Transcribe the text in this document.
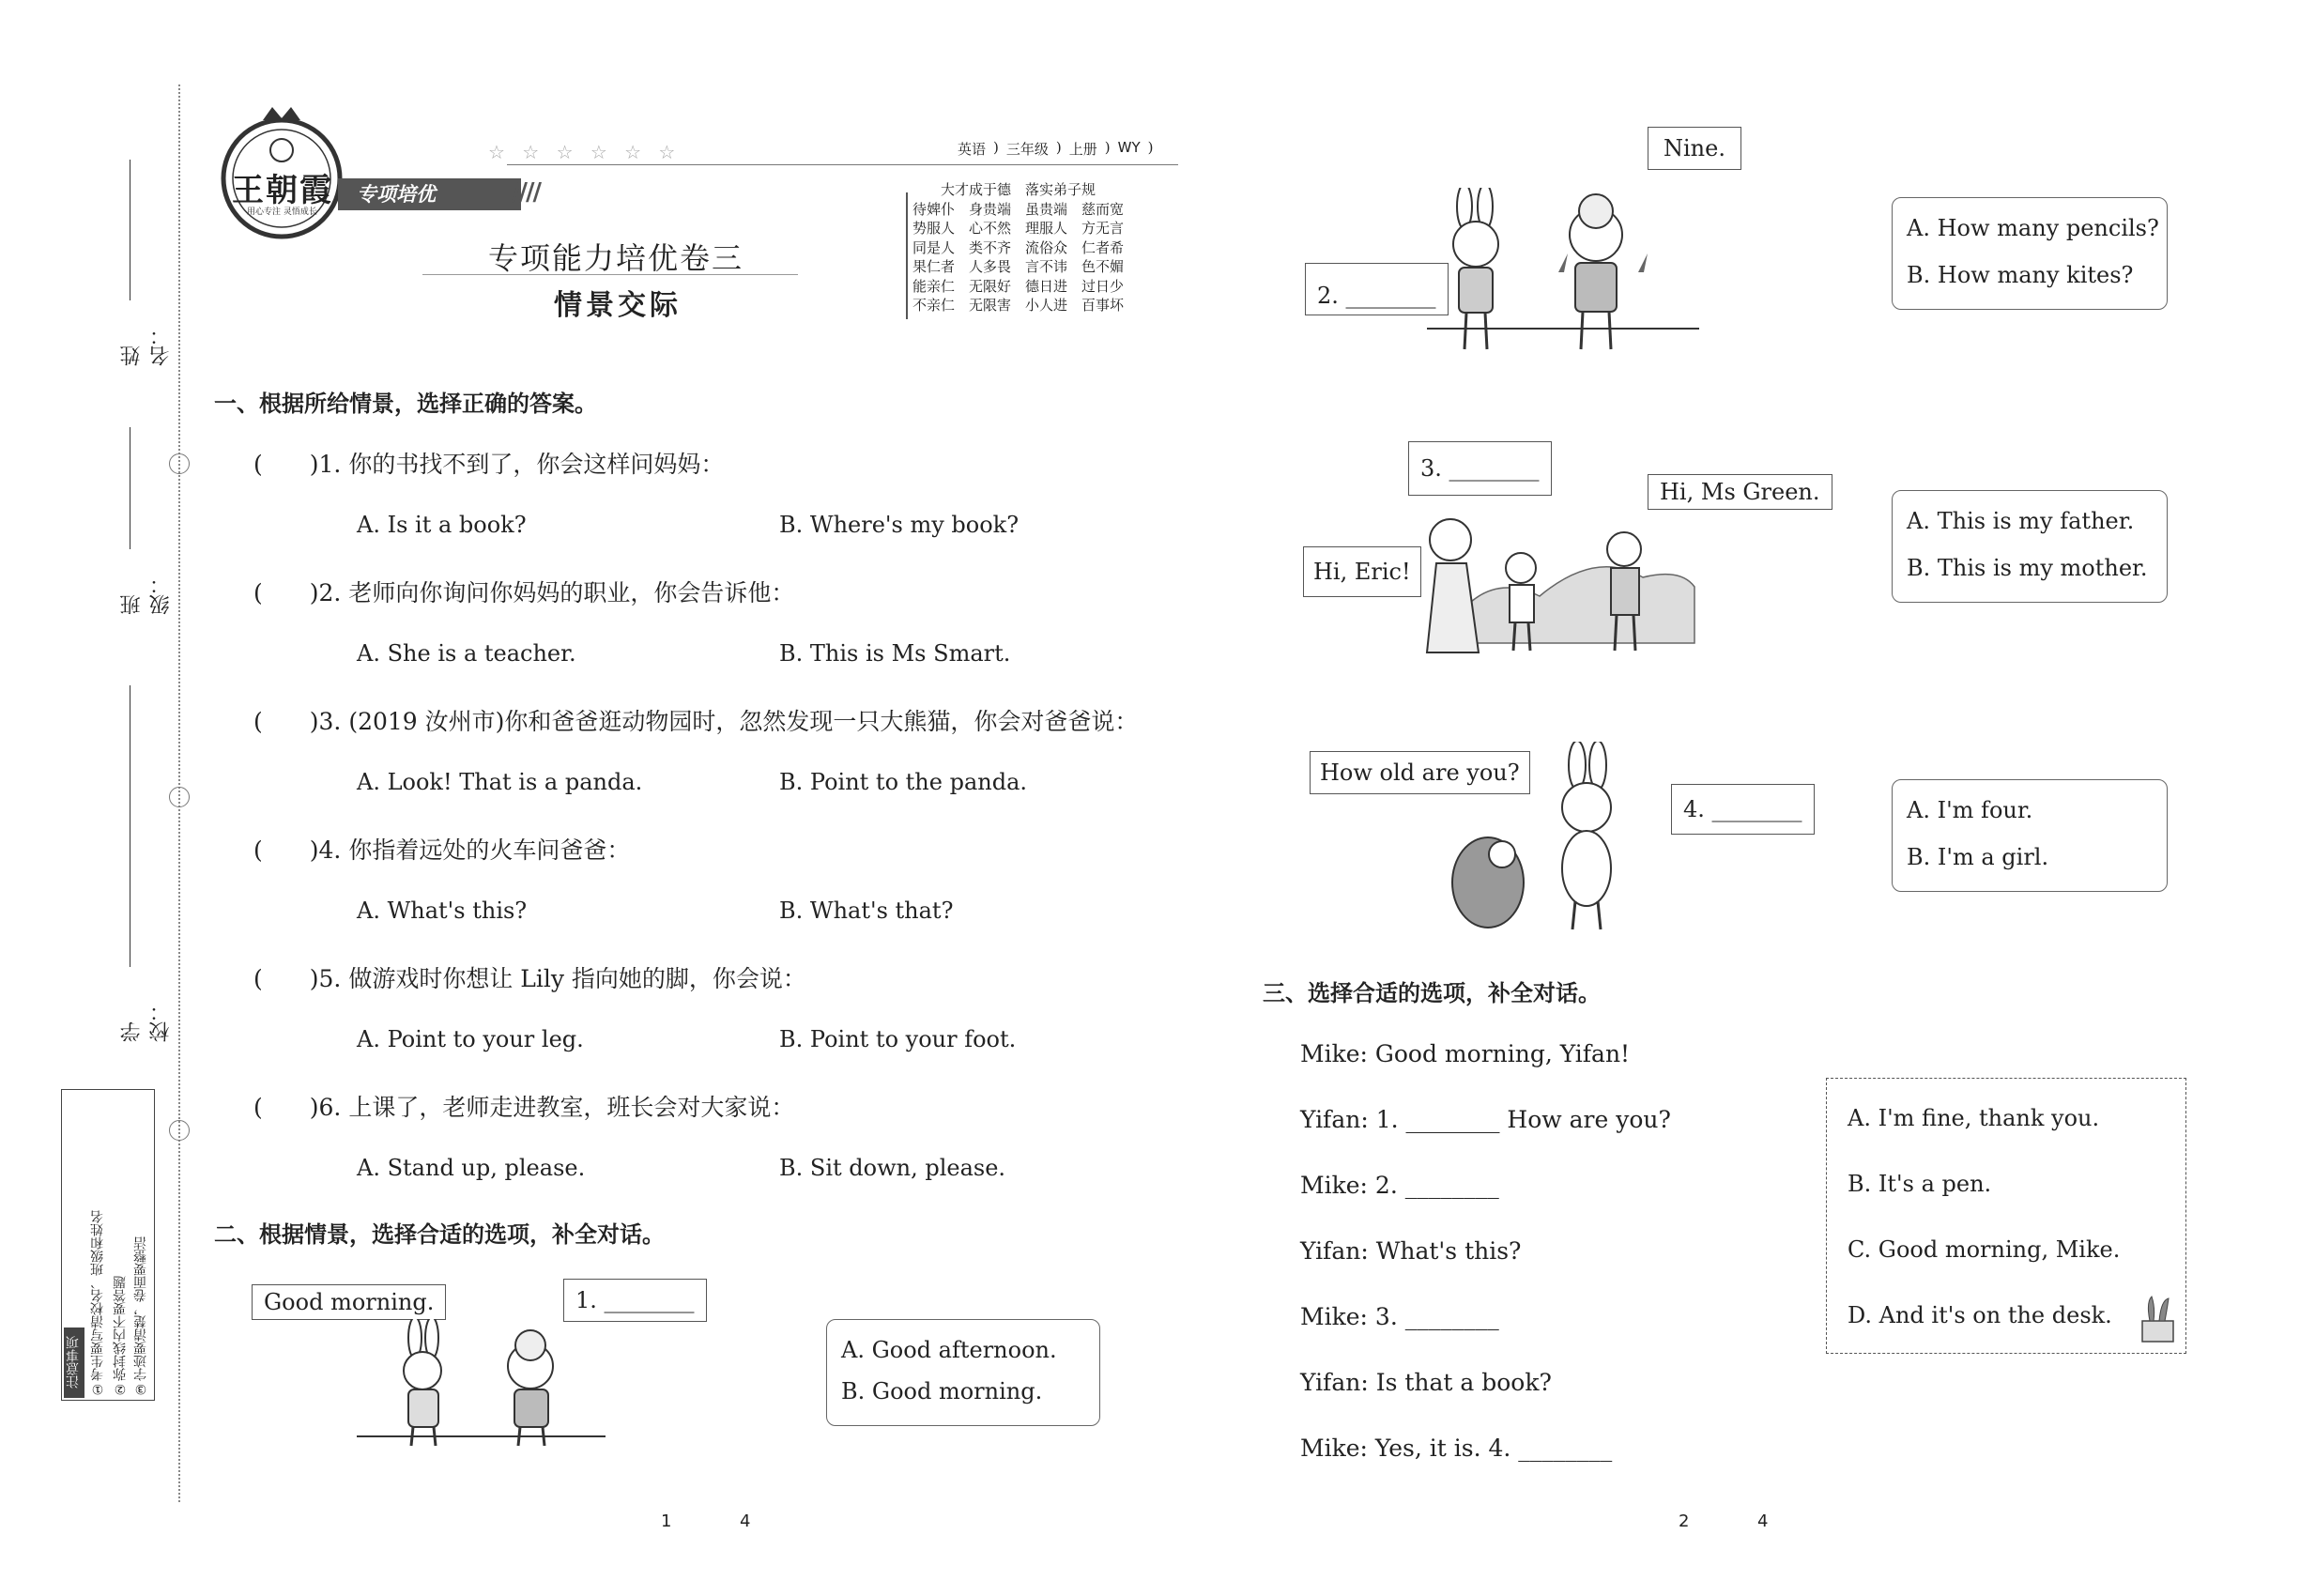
姓　名：
班　级：
学　校：
注意事项 ①考生要写清校名、班级和姓名 ②弥封线内不要答题 ③字迹要清楚，卷面要整洁
王朝霞
用心专注 灵悟成长
专项培优	////
☆ ☆ ☆ ☆ ☆ ☆	英语 ) 三年级 ) 上册 ) WY )
专项能力培优卷三
情景交际
大才成于德　落实弟子规
待婢仆　身贵端　虽贵端　慈而宽
势服人　心不然　理服人　方无言
同是人　类不齐　流俗众　仁者希
果仁者　人多畏　言不讳　色不媚
能亲仁　无限好　德日进　过日少
不亲仁　无限害　小人进　百事坏
一、根据所给情景，选择正确的答案。
(　　)1. 你的书找不到了，你会这样问妈妈：
A. Is it a book?	B. Where's my book?
(　　)2. 老师向你询问你妈妈的职业，你会告诉他：
A. She is a teacher.	B. This is Ms Smart.
(　　)3. (2019 汝州市)你和爸爸逛动物园时，忽然发现一只大熊猫，你会对爸爸说：
A. Look! That is a panda.	B. Point to the panda.
(　　)4. 你指着远处的火车问爸爸：
A. What's this?	B. What's that?
(　　)5. 做游戏时你想让 Lily 指向她的脚，你会说：
A. Point to your leg.	B. Point to your foot.
(　　)6. 上课了，老师走进教室，班长会对大家说：
A. Stand up, please.	B. Sit down, please.
二、根据情景，选择合适的选项，补全对话。
Good morning.	1. ________
A. Good afternoon.
B. Good morning.
Nine.
2. ________
A. How many pencils?
B. How many kites?
3. ________
Hi, Ms Green.
Hi, Eric!
A. This is my father.
B. This is my mother.
How old are you?
4. ________	A. I'm four.
B. I'm a girl.
三、选择合适的选项，补全对话。
Mike: Good morning, Yifan!
Yifan: 1. ________ How are you?
Mike: 2. ________
Yifan: What's this?
Mike: 3. ________
Yifan: Is that a book?
Mike: Yes, it is. 4. ________
A. I'm fine, thank you.
B. It's a pen.
C. Good morning, Mike.
D. And it's on the desk.
1	4	2	4
